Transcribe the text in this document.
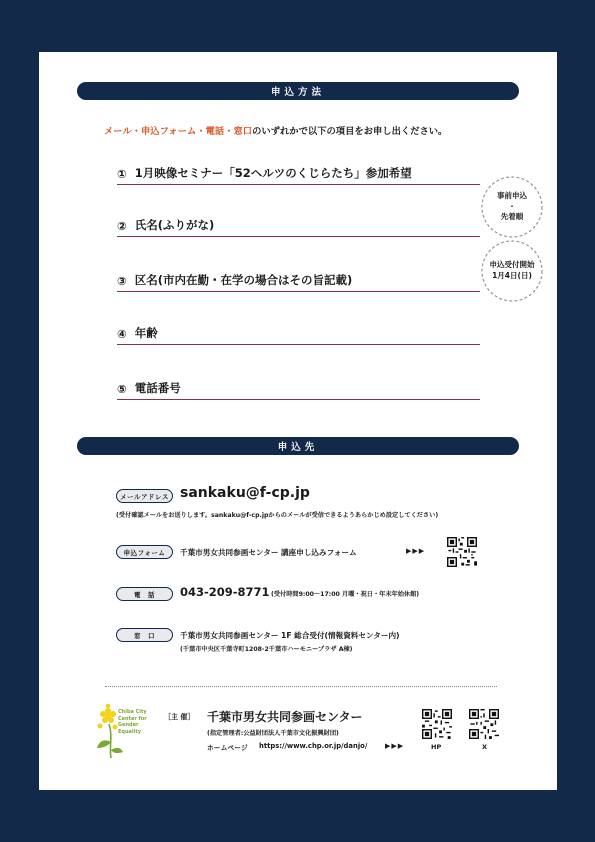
申込方法
メール・申込フォーム・電話・窓口のいずれかで以下の項目をお申し出ください。
① 1月映像セミナー「52ヘルツのくじらたち」参加希望
② 氏名(ふりがな)
③ 区名(市内在勤・在学の場合はその旨記載)
④ 年齢
⑤ 電話番号
事前申込
・
先着順
申込受付開始
1月4日(日)
申込先
メールアドレス sankaku@f-cp.jp
(受付確認メールをお送りします。sankaku@f-cp.jpからのメールが受信できるようあらかじめ設定してください)
申込フォーム	千葉市男女共同参画センター 講座申し込みフォーム	▶▶▶
電　話	043-209-8771 (受付時間9:00～17:00 月曜・祝日・年末年始休館)
窓　口	千葉市男女共同参画センター 1F 総合受付(情報資料センター内)
(千葉市中央区千葉寺町1208-2千葉市ハーモニープラザ A棟)
Chiba City Center for Gender Equality
［主 催］ 千葉市男女共同参画センター
(指定管理者:公益財団法人千葉市文化振興財団)
ホームページ https://www.chp.or.jp/danjo/	▶▶▶	HP	X
